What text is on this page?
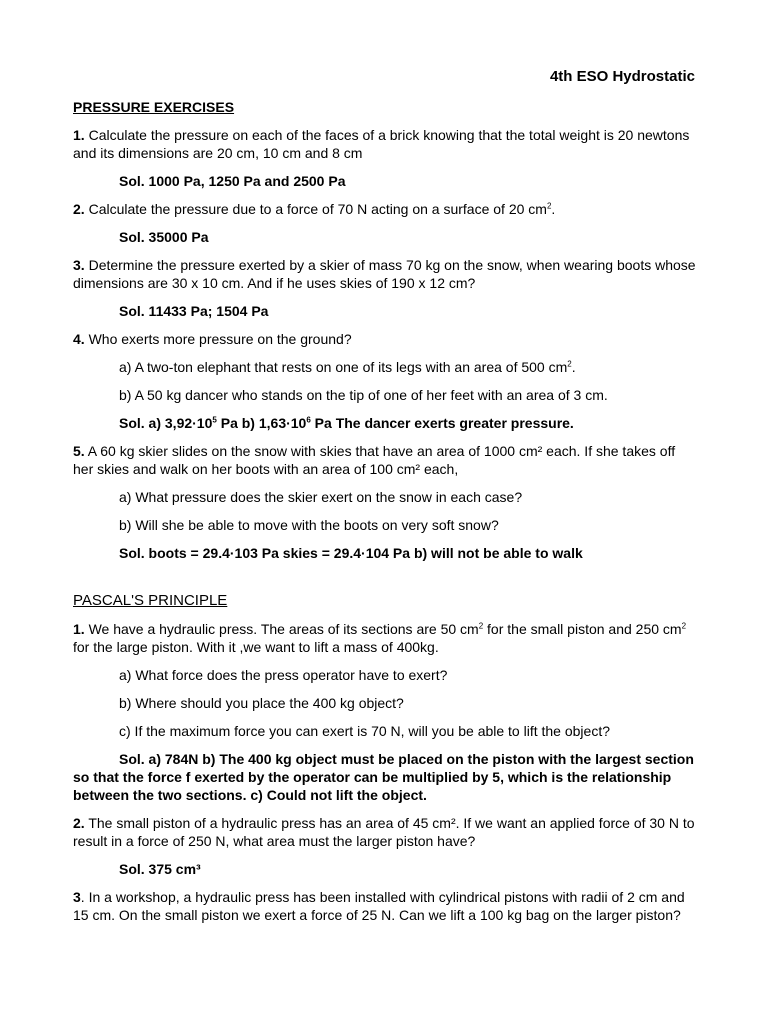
4th ESO Hydrostatic
PRESSURE EXERCISES
1. Calculate the pressure on each of the faces of a brick knowing that the total weight is 20 newtons and its dimensions are 20 cm, 10 cm and 8 cm
Sol. 1000 Pa, 1250 Pa and 2500 Pa
2. Calculate the pressure due to a force of 70 N acting on a surface of 20 $cm^2$.
Sol. 35000 Pa
3. Determine the pressure exerted by a skier of mass 70 kg on the snow, when wearing boots whose dimensions are 30 x 10 cm. And if he uses skies of 190 x 12 cm?
Sol. 11433 Pa; 1504 Pa
4. Who exerts more pressure on the ground?
a) A two-ton elephant that rests on one of its legs with an area of 500 $cm^2$.
b) A 50 kg dancer who stands on the tip of one of her feet with an area of 3 cm.
Sol. a) $3,92\cdot 10^5$ Pa b) $1,63\cdot 10^6$ Pa The dancer exerts greater pressure.
5. A 60 kg skier slides on the snow with skies that have an area of 1000 cm² each. If she takes off her skies and walk on her boots with an area of 100 cm² each,
a) What pressure does the skier exert on the snow in each case?
b) Will she be able to move with the boots on very soft snow?
Sol. boots = 29.4·103 Pa skies = 29.4·104 Pa b) will not be able to walk
PASCAL'S PRINCIPLE
1. We have a hydraulic press. The areas of its sections are 50 $cm^2$ for the small piston and 250 $cm^2$ for the large piston. With it ,we want to lift a mass of 400kg.
a) What force does the press operator have to exert?
b) Where should you place the 400 kg object?
c) If the maximum force you can exert is 70 N, will you be able to lift the object?
Sol. a) 784N b) The 400 kg object must be placed on the piston with the largest section so that the force f exerted by the operator can be multiplied by 5, which is the relationship between the two sections. c) Could not lift the object.
2. The small piston of a hydraulic press has an area of 45 cm². If we want an applied force of 30 N to result in a force of 250 N, what area must the larger piston have?
Sol. 375 cm³
3. In a workshop, a hydraulic press has been installed with cylindrical pistons with radii of 2 cm and 15 cm. On the small piston we exert a force of 25 N. Can we lift a 100 kg bag on the larger piston?
